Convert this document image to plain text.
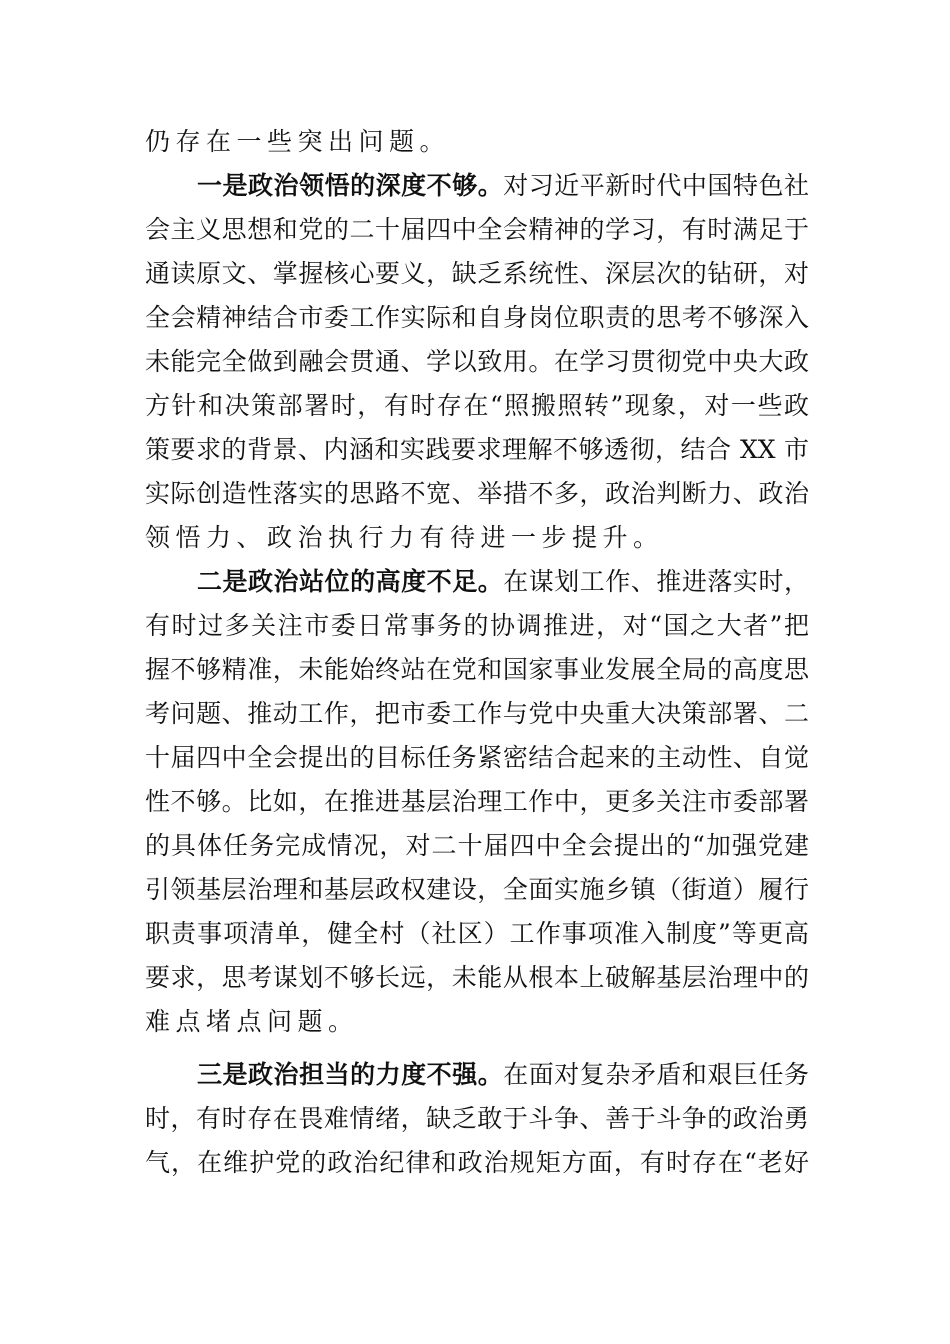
仍存在一些突出问题。
一是政治领悟的深度不够。对习近平新时代中国特色社
会主义思想和党的二十届四中全会精神的学习，有时满足于
通读原文、掌握核心要义，缺乏系统性、深层次的钻研，对
全会精神结合市委工作实际和自身岗位职责的思考不够深入
未能完全做到融会贯通、学以致用。在学习贯彻党中央大政
方针和决策部署时，有时存在“照搬照转”现象，对一些政
策要求的背景、内涵和实践要求理解不够透彻，结合 XX 市
实际创造性落实的思路不宽、举措不多，政治判断力、政治
领悟力、政治执行力有待进一步提升。
二是政治站位的高度不足。在谋划工作、推进落实时，
有时过多关注市委日常事务的协调推进，对“国之大者”把
握不够精准，未能始终站在党和国家事业发展全局的高度思
考问题、推动工作，把市委工作与党中央重大决策部署、二
十届四中全会提出的目标任务紧密结合起来的主动性、自觉
性不够。比如，在推进基层治理工作中，更多关注市委部署
的具体任务完成情况，对二十届四中全会提出的“加强党建
引领基层治理和基层政权建设，全面实施乡镇（街道）履行
职责事项清单，健全村（社区）工作事项准入制度”等更高
要求，思考谋划不够长远，未能从根本上破解基层治理中的
难点堵点问题。
三是政治担当的力度不强。在面对复杂矛盾和艰巨任务
时，有时存在畏难情绪，缺乏敢于斗争、善于斗争的政治勇
气，在维护党的政治纪律和政治规矩方面，有时存在“老好
